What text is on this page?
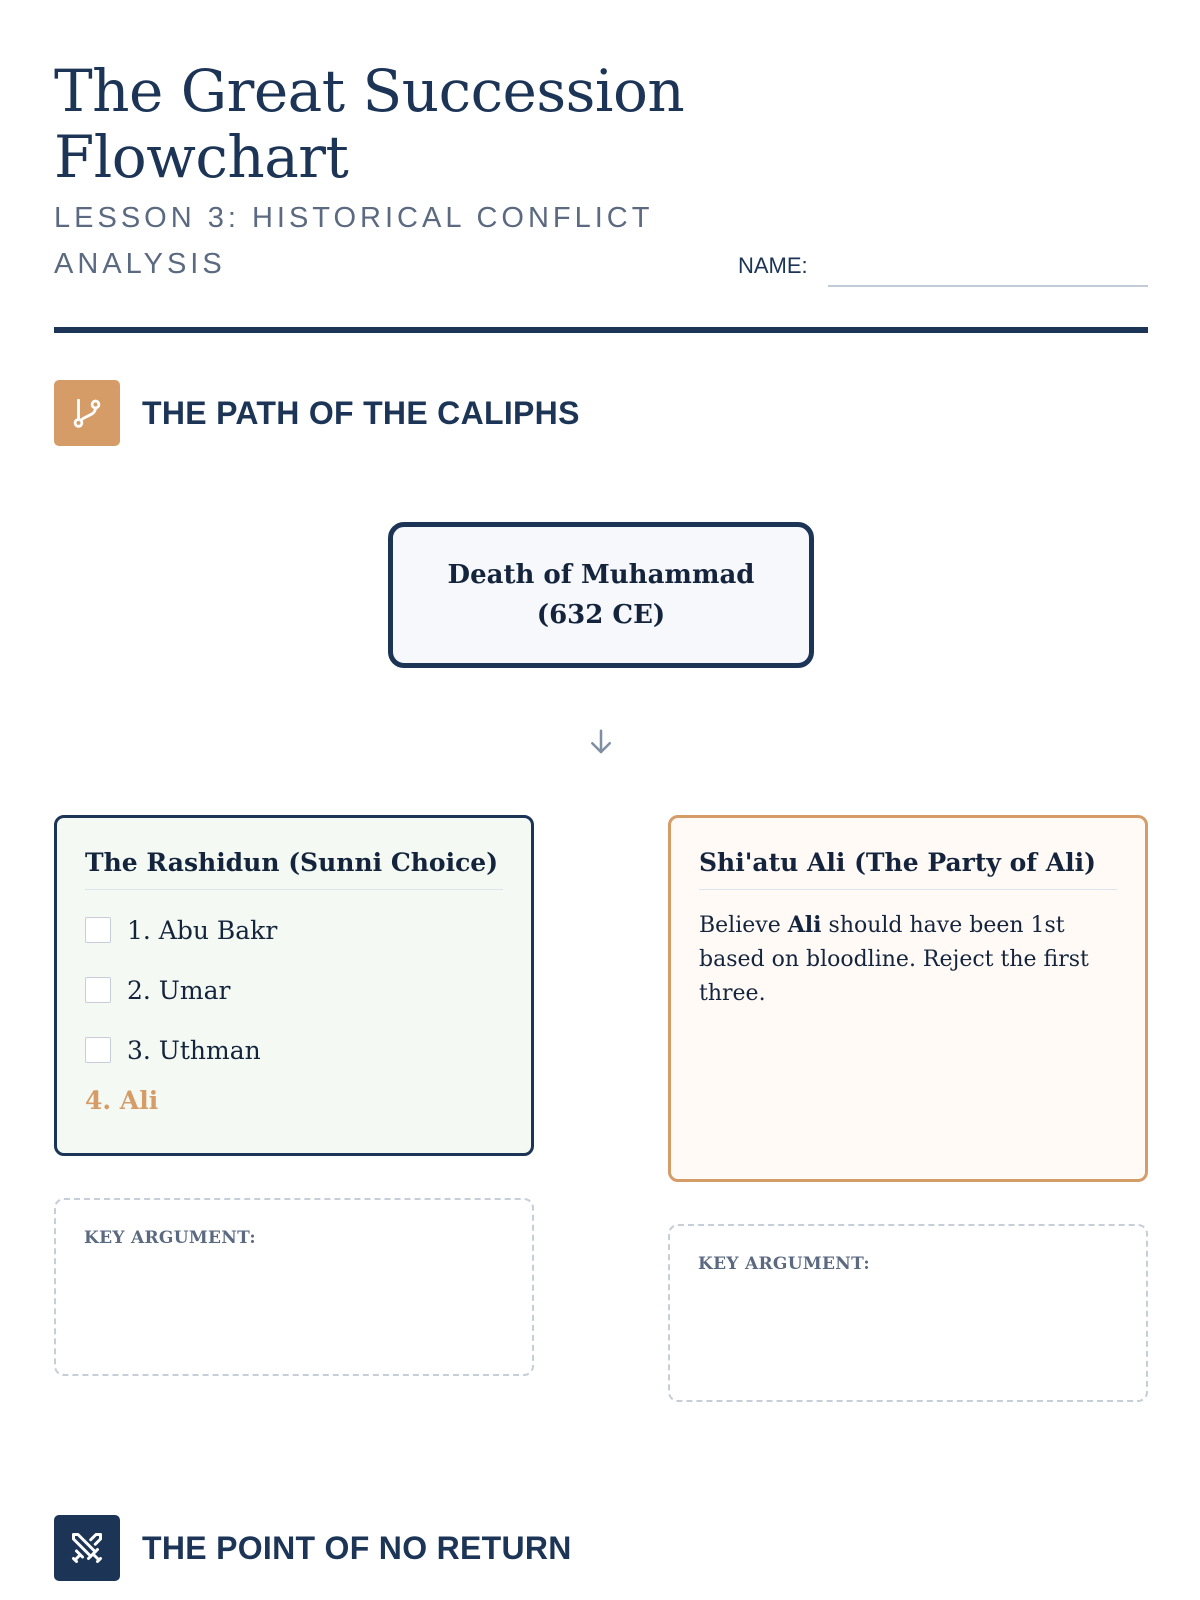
The Great Succession Flowchart
LESSON 3: HISTORICAL CONFLICT ANALYSIS	NAME:
THE PATH OF THE CALIPHS
Death of Muhammad (632 CE)
The Rashidun (Sunni Choice)
1. Abu Bakr
2. Umar
3. Uthman
4. Ali
Shi'atu Ali (The Party of Ali)

Believe Ali should have been 1st based on bloodline. Reject the first three.

KEY ARGUMENT:
KEY ARGUMENT:
THE POINT OF NO RETURN
